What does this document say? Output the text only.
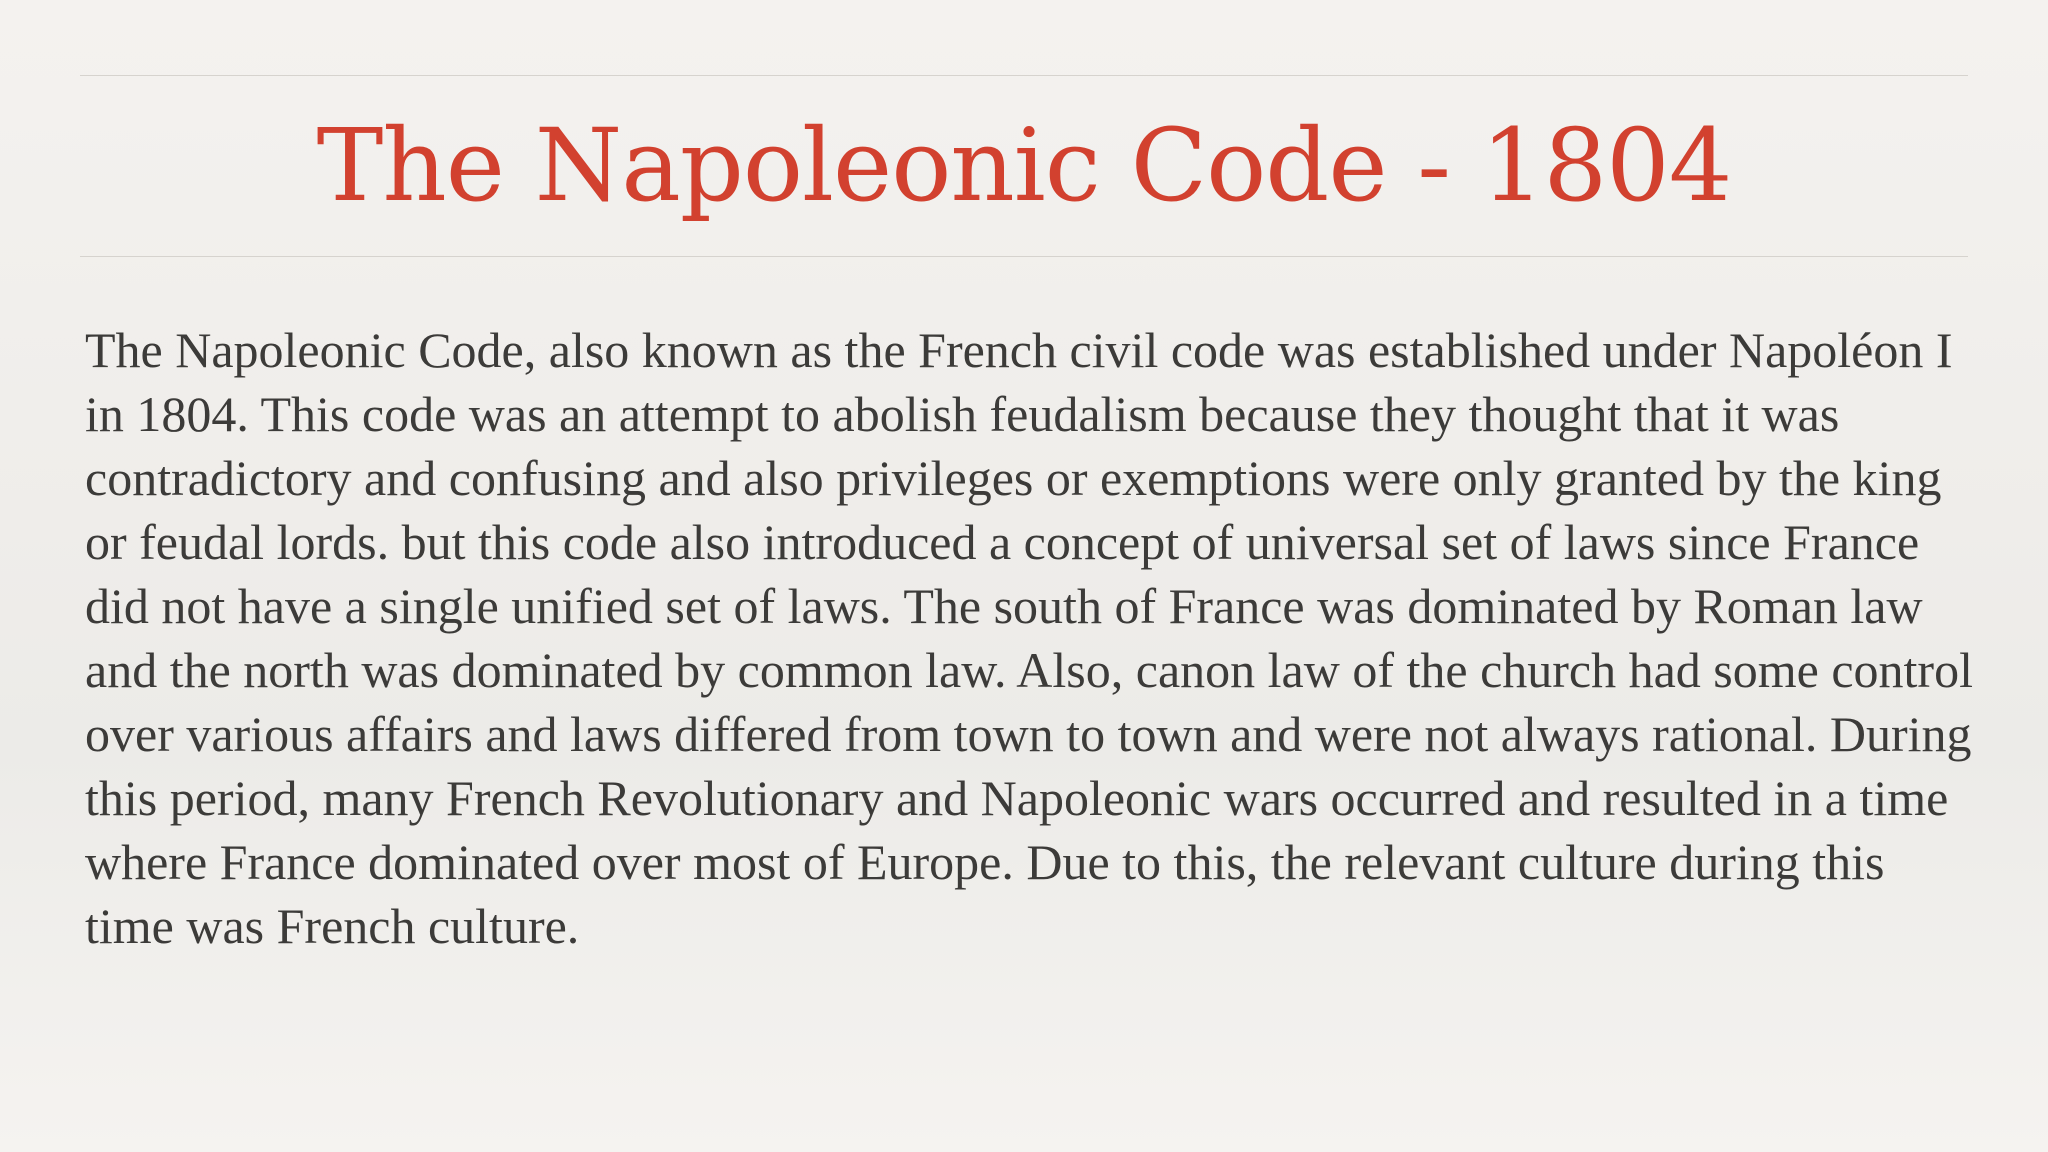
The Napoleonic Code - 1804

The Napoleonic Code, also known as the French civil code was established under Napoléon I in 1804. This code was an attempt to abolish feudalism because they thought that it was contradictory and confusing and also privileges or exemptions were only granted by the king or feudal lords. but this code also introduced a concept of universal set of laws since France did not have a single unified set of laws. The south of France was dominated by Roman law and the north was dominated by common law. Also, canon law of the church had some control over various affairs and laws differed from town to town and were not always rational. During this period, many French Revolutionary and Napoleonic wars occurred and resulted in a time where France dominated over most of Europe. Due to this, the relevant culture during this time was French culture.
